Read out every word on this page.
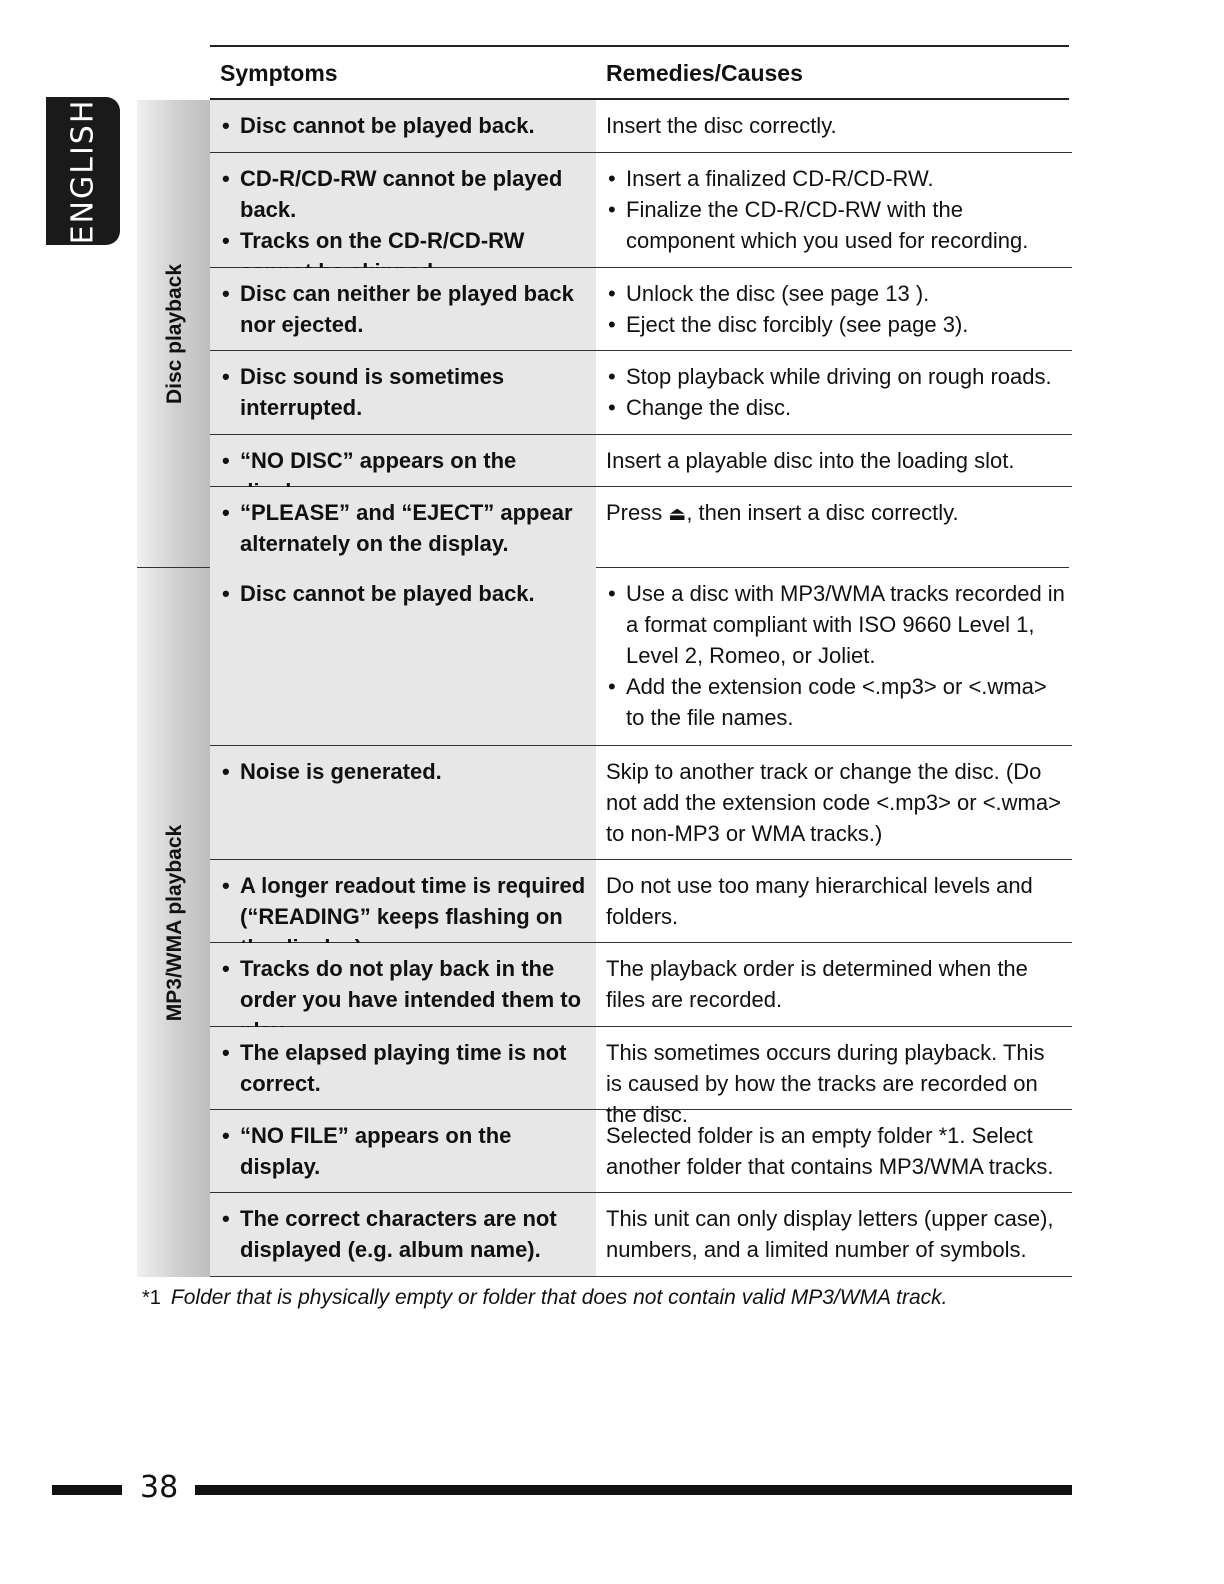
ENGLISH
Symptoms	Remedies/Causes
Disc playback
MP3/WMA playback
• Disc cannot be played back.	Insert the disc correctly.

• CD-R/CD-RW cannot be played back.
• Tracks on the CD-R/CD-RW
• Insert a finalized CD-R/CD-RW.
• Finalize the CD-R/CD-RW with the component which you used for recording.
• Disc can neither be played back nor ejected.
• Unlock the disc (see page 13 ).
• Eject the disc forcibly (see page 3).
• Disc sound is sometimes interrupted.
• Stop playback while driving on rough roads.
• Change the disc.
• “NO DISC” appears on the	Insert a playable disc into the loading slot.

• “PLEASE” and “EJECT” appear alternately on the display.

Press ⏏, then insert a disc correctly.

• Disc cannot be played back.
•	Use a disc with MP3/WMA tracks recorded in a format compliant with ISO 9660 Level 1, Level 2, Romeo, or Joliet.
• Add the extension code <.mp3> or <.wma> to the file names.
• Noise is generated.	Skip to another track or change the disc. (Do not add the extension code <.mp3> or <.wma> to non-MP3 or WMA tracks.)

• A longer readout time is required (“READING” keeps flashing on

Do not use too many hierarchical levels and folders.

• Tracks do not play back in the order you have intended them to

The playback order is determined when the files are recorded.

• The elapsed playing time is not correct.

This sometimes occurs during playback. This is caused by how the tracks are recorded on the disc.

• “NO FILE” appears on the display.

Selected folder is an empty folder *1. Select another folder that contains MP3/WMA tracks.

• The correct characters are not displayed (e.g. album name).

This unit can only display letters (upper case), numbers, and a limited number of symbols.

*1 Folder that is physically empty or folder that does not contain valid MP3/WMA track.
38
